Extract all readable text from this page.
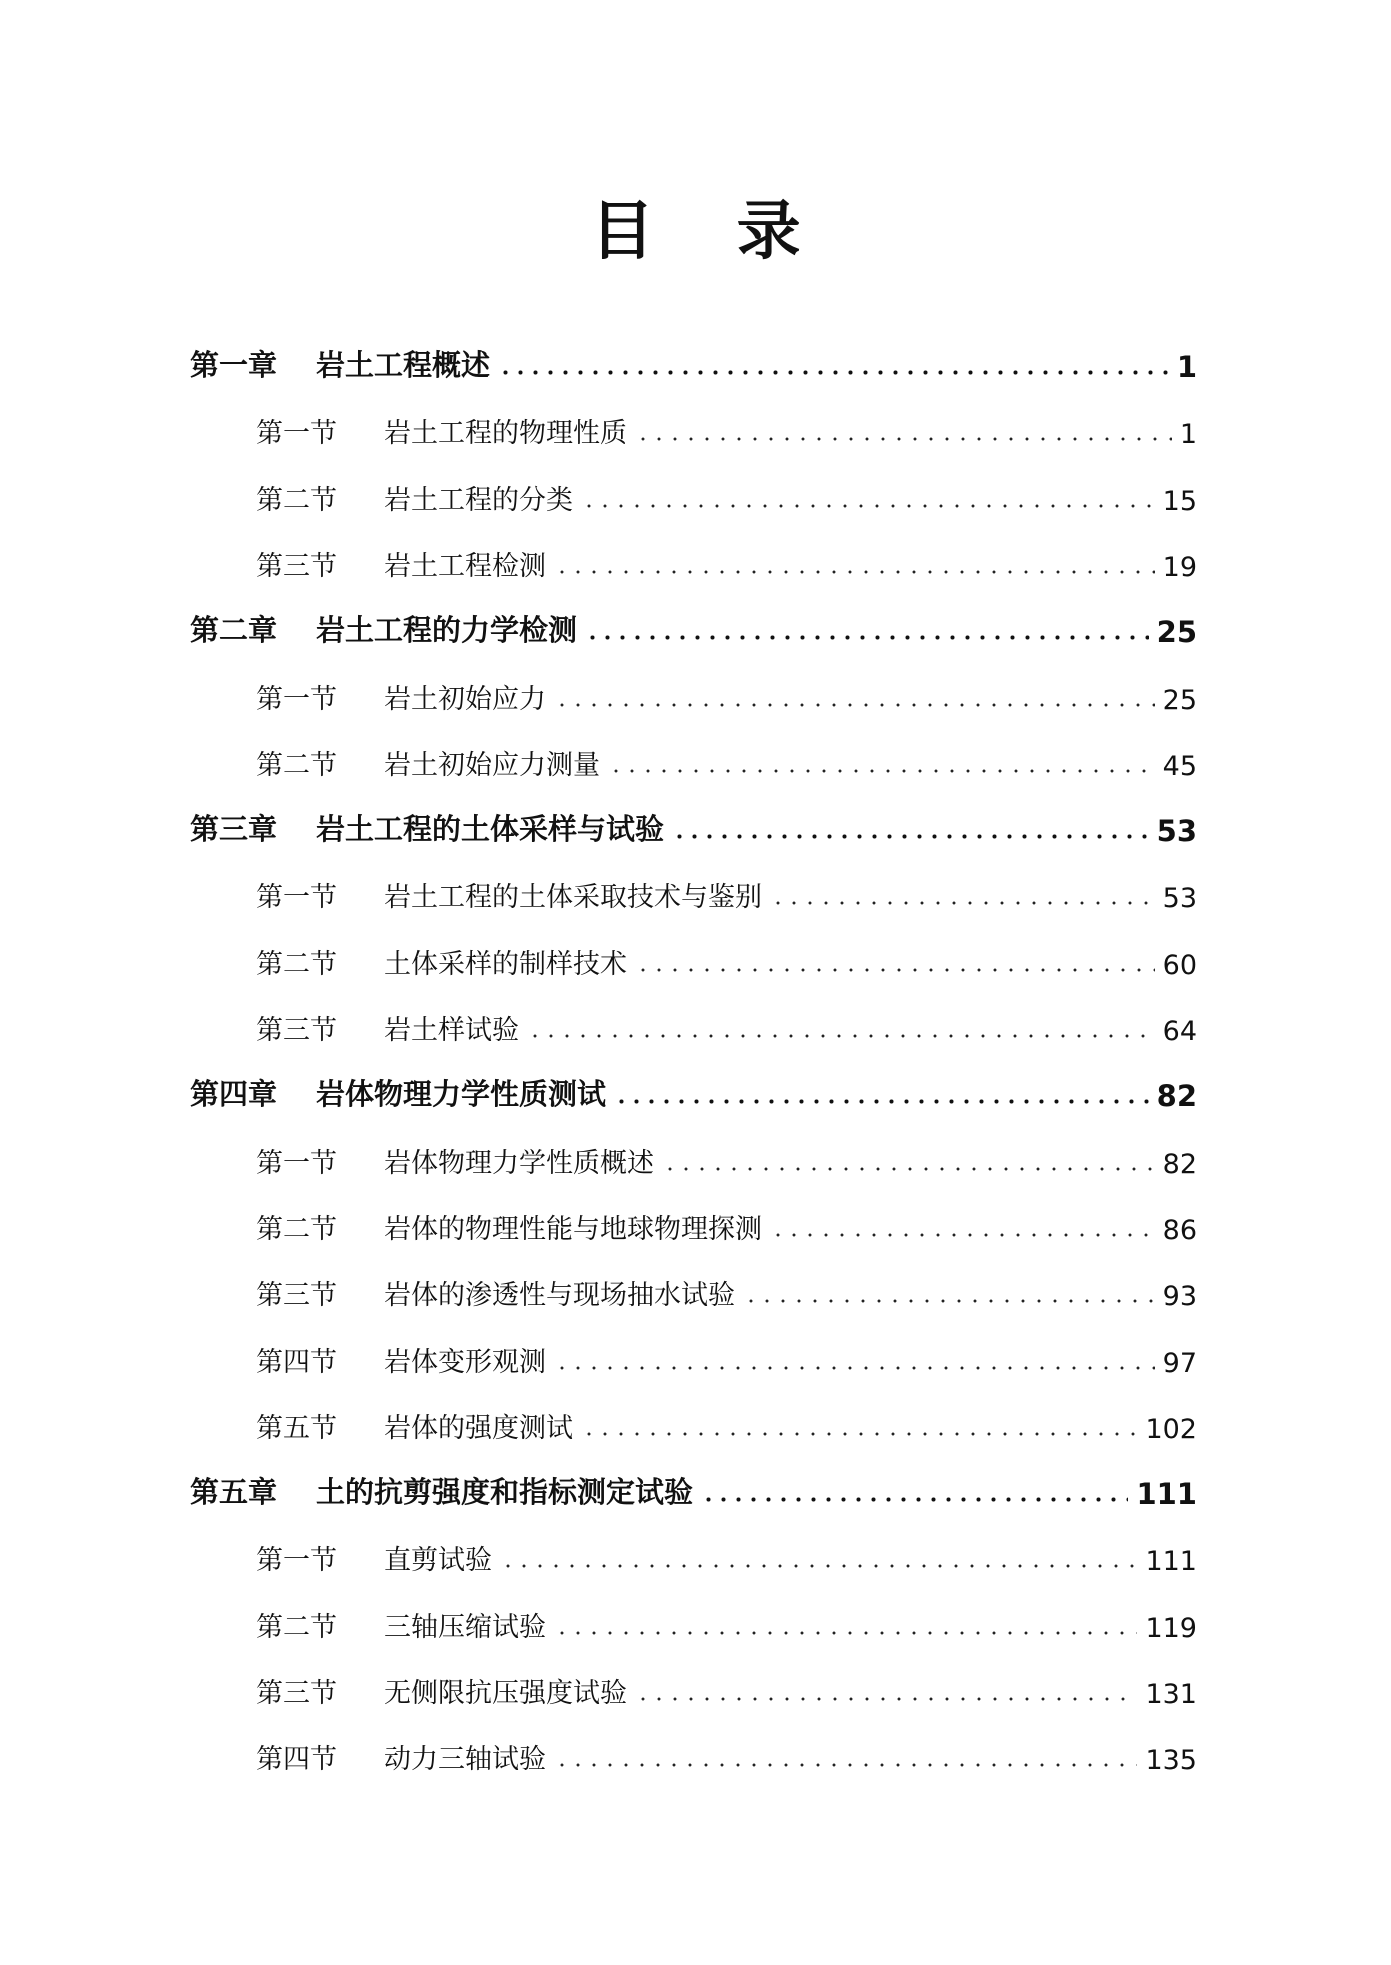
目 录
第一章 岩土工程概述	1
第一节 岩土工程的物理性质	1
第二节 岩土工程的分类	15
第三节 岩土工程检测	19
第二章 岩土工程的力学检测	25
第一节 岩土初始应力	25
第二节 岩土初始应力测量	45
第三章 岩土工程的土体采样与试验	53
第一节 岩土工程的土体采取技术与鉴别	53
第二节 土体采样的制样技术	60
第三节 岩土样试验	64
第四章 岩体物理力学性质测试	82
第一节 岩体物理力学性质概述	82
第二节 岩体的物理性能与地球物理探测	86
第三节 岩体的渗透性与现场抽水试验	93
第四节 岩体变形观测	97
第五节 岩体的强度测试	102
第五章 土的抗剪强度和指标测定试验	111
第一节 直剪试验	111
第二节 三轴压缩试验	119
第三节 无侧限抗压强度试验	131
第四节 动力三轴试验	135
